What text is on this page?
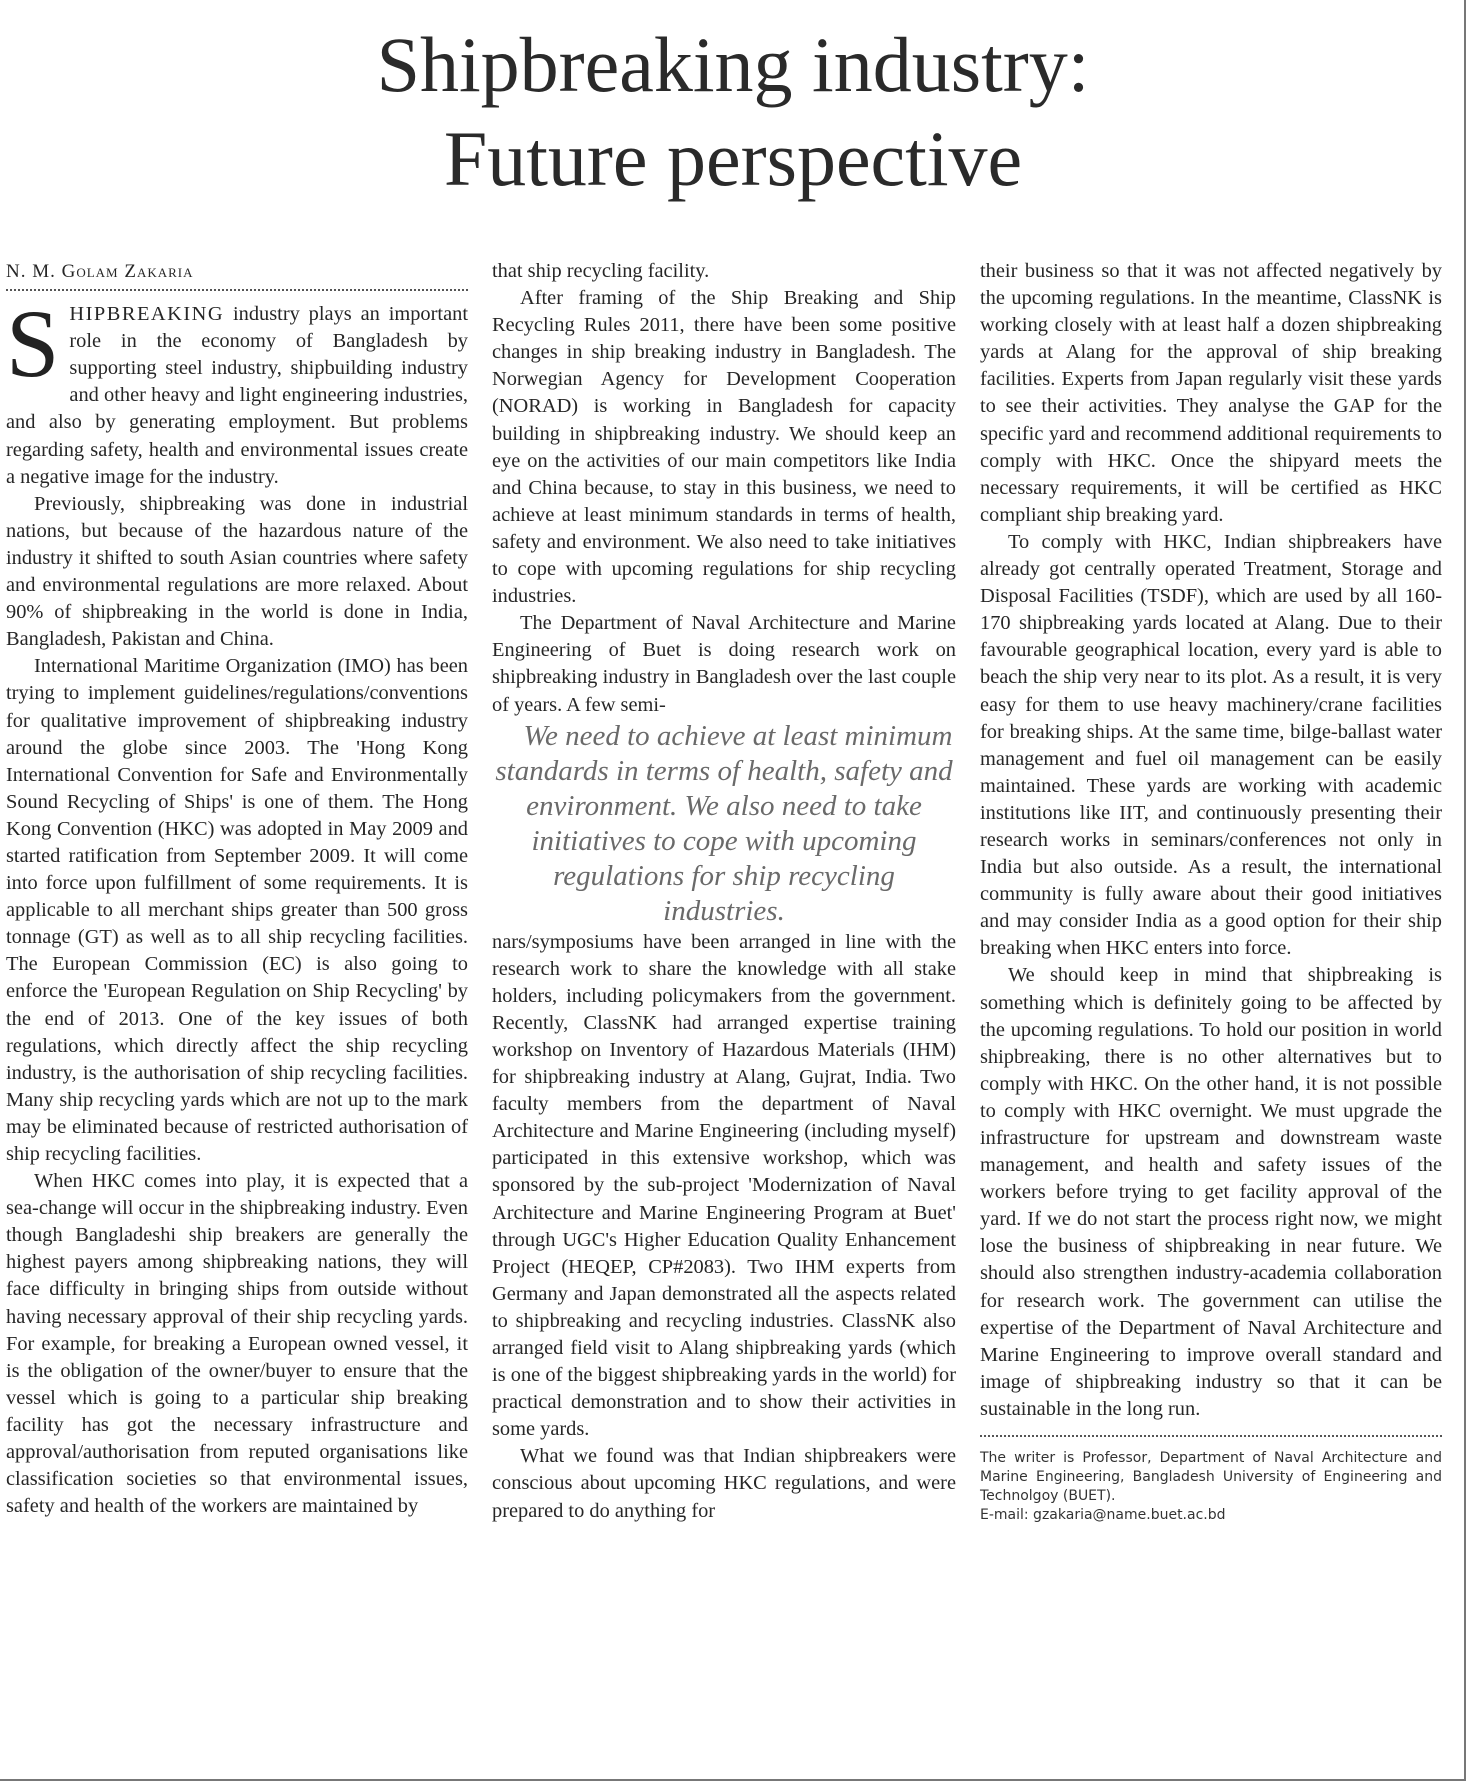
Shipbreaking industry:
Future perspective
N. M. Golam Zakaria

SHIPBREAKING industry plays an important role in the economy of Bangladesh by supporting steel industry, shipbuilding industry and other heavy and light engineering industries, and also by generating employment. But problems regarding safety, health and environmental issues create a negative image for the industry.

Previously, shipbreaking was done in industrial nations, but because of the hazardous nature of the industry it shifted to south Asian countries where safety and environmental regulations are more relaxed. About 90% of shipbreaking in the world is done in India, Bangladesh, Pakistan and China.

International Maritime Organization (IMO) has been trying to implement guidelines/regulations/conventions for qualitative improvement of shipbreaking industry around the globe since 2003. The 'Hong Kong International Convention for Safe and Environmentally Sound Recycling of Ships' is one of them. The Hong Kong Convention (HKC) was adopted in May 2009 and started ratification from September 2009. It will come into force upon fulfillment of some requirements. It is applicable to all merchant ships greater than 500 gross tonnage (GT) as well as to all ship recycling facilities. The European Commission (EC) is also going to enforce the 'European Regulation on Ship Recycling' by the end of 2013. One of the key issues of both regulations, which directly affect the ship recycling industry, is the authorisation of ship recycling facilities. Many ship recycling yards which are not up to the mark may be eliminated because of restricted authorisation of ship recycling facilities.

When HKC comes into play, it is expected that a sea-change will occur in the shipbreaking industry. Even though Bangladeshi ship breakers are generally the highest payers among shipbreaking nations, they will face difficulty in bringing ships from outside without having necessary approval of their ship recycling yards. For example, for breaking a European owned vessel, it is the obligation of the owner/buyer to ensure that the vessel which is going to a particular ship breaking facility has got the necessary infrastructure and approval/authorisation from reputed organisations like classification societies so that environmental issues, safety and health of the workers are maintained by

that ship recycling facility.

After framing of the Ship Breaking and Ship Recycling Rules 2011, there have been some positive changes in ship breaking industry in Bangladesh. The Norwegian Agency for Development Cooperation (NORAD) is working in Bangladesh for capacity building in shipbreaking industry. We should keep an eye on the activities of our main competitors like India and China because, to stay in this business, we need to achieve at least minimum standards in terms of health, safety and environment. We also need to take initiatives to cope with upcoming regulations for ship recycling industries.

The Department of Naval Architecture and Marine Engineering of Buet is doing research work on shipbreaking industry in Bangladesh over the last couple of years. A few semi-

We need to achieve at least minimum standards in terms of health, safety and environment. We also need to take initiatives to cope with upcoming regulations for ship recycling industries.

nars/symposiums have been arranged in line with the research work to share the knowledge with all stake holders, including policymakers from the government. Recently, ClassNK had arranged expertise training workshop on Inventory of Hazardous Materials (IHM) for shipbreaking industry at Alang, Gujrat, India. Two faculty members from the department of Naval Architecture and Marine Engineering (including myself) participated in this extensive workshop, which was sponsored by the sub-project 'Modernization of Naval Architecture and Marine Engineering Program at Buet' through UGC's Higher Education Quality Enhancement Project (HEQEP, CP#2083). Two IHM experts from Germany and Japan demonstrated all the aspects related to shipbreaking and recycling industries. ClassNK also arranged field visit to Alang shipbreaking yards (which is one of the biggest shipbreaking yards in the world) for practical demonstration and to show their activities in some yards.

What we found was that Indian shipbreakers were conscious about upcoming HKC regulations, and were prepared to do anything for

their business so that it was not affected negatively by the upcoming regulations. In the meantime, ClassNK is working closely with at least half a dozen shipbreaking yards at Alang for the approval of ship breaking facilities. Experts from Japan regularly visit these yards to see their activities. They analyse the GAP for the specific yard and recommend additional requirements to comply with HKC. Once the shipyard meets the necessary requirements, it will be certified as HKC compliant ship breaking yard.

To comply with HKC, Indian shipbreakers have already got centrally operated Treatment, Storage and Disposal Facilities (TSDF), which are used by all 160-170 shipbreaking yards located at Alang. Due to their favourable geographical location, every yard is able to beach the ship very near to its plot. As a result, it is very easy for them to use heavy machinery/crane facilities for breaking ships. At the same time, bilge-ballast water management and fuel oil management can be easily maintained. These yards are working with academic institutions like IIT, and continuously presenting their research works in seminars/conferences not only in India but also outside. As a result, the international community is fully aware about their good initiatives and may consider India as a good option for their ship breaking when HKC enters into force.

We should keep in mind that shipbreaking is something which is definitely going to be affected by the upcoming regulations. To hold our position in world shipbreaking, there is no other alternatives but to comply with HKC. On the other hand, it is not possible to comply with HKC overnight. We must upgrade the infrastructure for upstream and downstream waste management, and health and safety issues of the workers before trying to get facility approval of the yard. If we do not start the process right now, we might lose the business of shipbreaking in near future. We should also strengthen industry-academia collaboration for research work. The government can utilise the expertise of the Department of Naval Architecture and Marine Engineering to improve overall standard and image of shipbreaking industry so that it can be sustainable in the long run.

The writer is Professor, Department of Naval Architecture and Marine Engineering, Bangladesh University of Engineering and Technolgoy (BUET).
E-mail: gzakaria@name.buet.ac.bd
